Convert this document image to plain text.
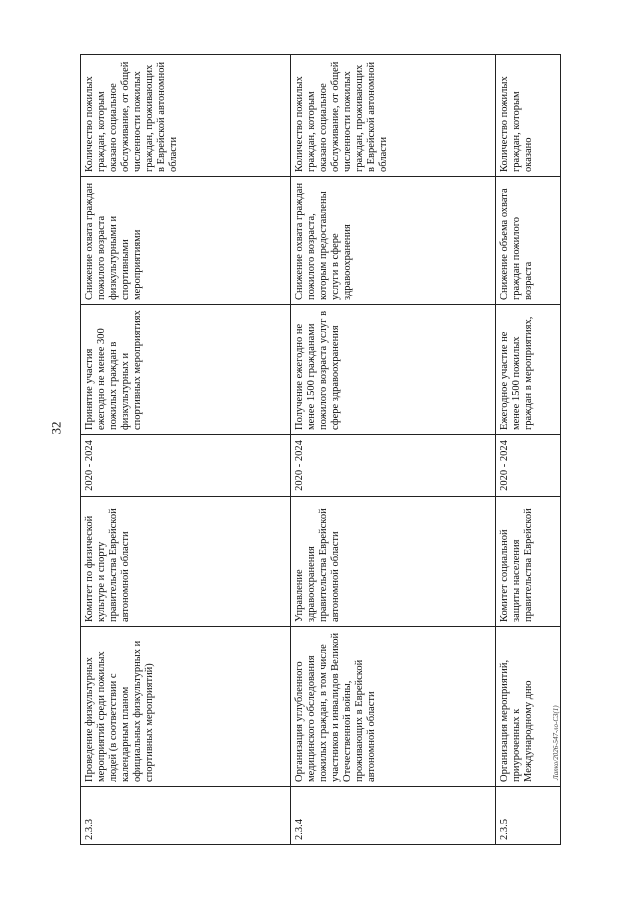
32
2.3.3	Проведение физкультурных мероприятий среди пожилых людей (в соответствии с календарным планом официальных физкультурных и спортивных мероприятий)	Комитет по физической культуре и спорту правительства Еврейской автономной области	2020 - 2024	Принятие участия ежегодно не менее 300 пожилых граждан в физкультурных и спортивных мероприятиях	Снижение охвата граждан пожилого возраста физкультурными и спортивными мероприятиями	Количество пожилых граждан, которым оказано социальное обслуживание, от общей численности пожилых граждан, проживающих в Еврейской автономной области
2.3.4	Организация углубленного медицинского обследования пожилых граждан, в том числе участников и инвалидов Великой Отечественной войны, проживающих в Еврейской автономной области	Управление здравоохранения правительства Еврейской автономной области	2020 - 2024	Получение ежегодно не менее 1500 гражданами пожилого возраста услуг в сфере здравоохранения	Снижение охвата граждан пожилого возраста, которым предоставлены услуги в сфере здравоохранения	Количество пожилых граждан, которым оказано социальное обслуживание, от общей численности пожилых граждан, проживающих в Еврейской автономной области
2.3.5	Организация мероприятий, приуроченных к Международному дню	Комитет социальной защиты населения правительства Еврейской	2020 - 2024	Ежегодное участие не менее 1500 пожилых граждан в мероприятиях,	Снижение объема охвата граждан пожилого возраста	Количество пожилых граждан, которым оказано
Лапко/2026-547-ло-СЗ(1)
